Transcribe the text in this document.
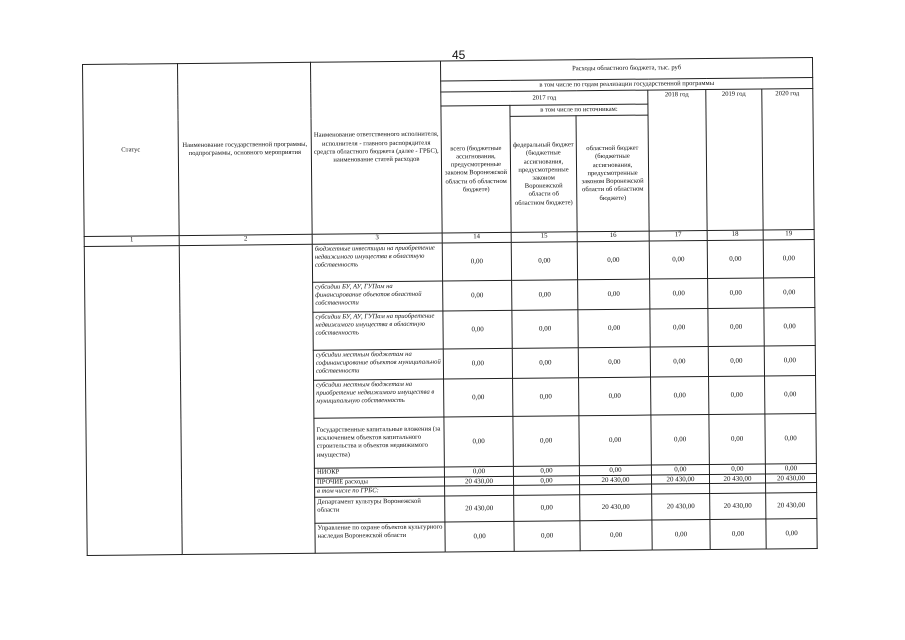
45
Статус	Наименование государственной программы, подпрограммы, основного мероприятия	Наименование ответственного исполнителя, исполнителя - главного распорядителя средств областного бюджета (далее - ГРБС), наименование статей расходов	Расходы областного бюджета, тыс. руб					
			в том числе по годам реализации государственной программы					
			2017 год			2018 год	2019 год	2020 год
			всего (бюджетные ассигнования, предусмотренные законом Воронежской области об областном бюджете)	в том числе по источникам:				
				федеральный бюджет (бюджетные ассигнования, предусмотренные законом Воронежской области об областном бюджете)	областной бюджет (бюджетные ассигнования, предусмотренные законом Воронежской области об областном бюджете)			
1	2	3	14	15	16	17	18	19
		бюджетные инвестиции на приобретение недвижимого имущества в областную собственность	0,00	0,00	0,00	0,00	0,00	0,00
		субсидии БУ, АУ, ГУПам на финансирование объектов областной собственности	0,00	0,00	0,00	0,00	0,00	0,00
		субсидии БУ, АУ, ГУПам на приобретение недвижимого имущества в областную собственность	0,00	0,00	0,00	0,00	0,00	0,00
		субсидии местным бюджетам на софинансирование объектов муниципальной собственности	0,00	0,00	0,00	0,00	0,00	0,00
		субсидии местным бюджетам на приобретение недвижимого имущества в муниципальную собственность	0,00	0,00	0,00	0,00	0,00	0,00
		Государственные капитальные вложения (за исключением объектов капитального строительства и объектов недвижимого имущества)	0,00	0,00	0,00	0,00	0,00	0,00
		НИОКР	0,00	0,00	0,00	0,00	0,00	0,00
		ПРОЧИЕ расходы	20 430,00	0,00	20 430,00	20 430,00	20 430,00	20 430,00
		в том числе по ГРБС:						
		Департамент культуры Воронежской области	20 430,00	0,00	20 430,00	20 430,00	20 430,00	20 430,00
		Управление по охране объектов культурного наследия Воронежской области	0,00	0,00	0,00	0,00	0,00	0,00
